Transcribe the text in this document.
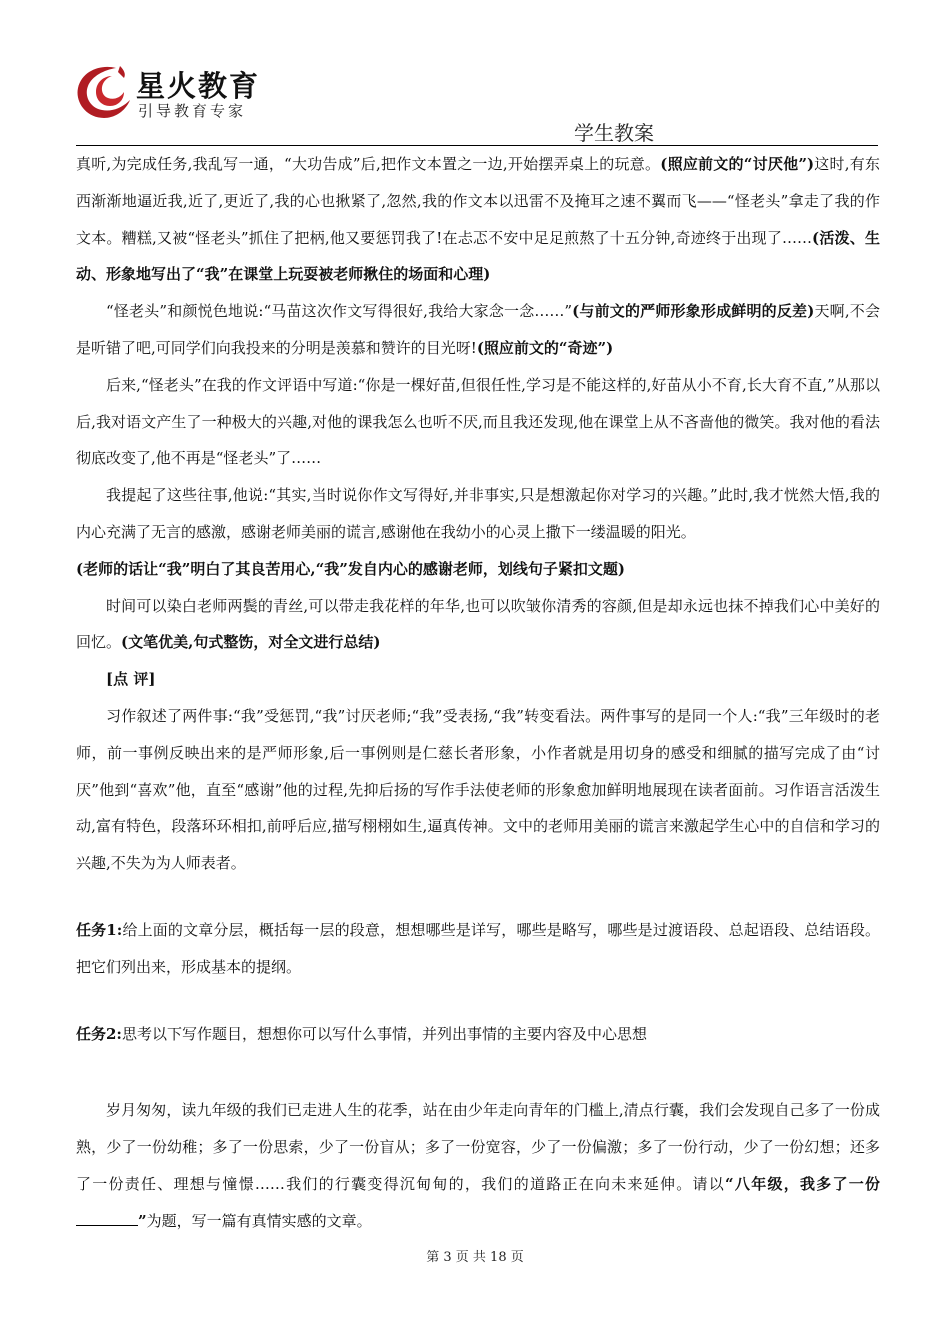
星火教育
引导教育专家
学生教案

真听,为完成任务,我乱写一通，“大功告成”后,把作文本置之一边,开始摆弄桌上的玩意。(照应前文的“讨厌他”)这时,有东西渐渐地逼近我,近了,更近了,我的心也揪紧了,忽然,我的作文本以迅雷不及掩耳之速不翼而飞——“怪老头”拿走了我的作文本。糟糕,又被“怪老头”抓住了把柄,他又要惩罚我了!在忐忑不安中足足煎熬了十五分钟,奇迹终于出现了……(活泼、生动、形象地写出了“我”在课堂上玩耍被老师揪住的场面和心理)

“怪老头”和颜悦色地说:“马苗这次作文写得很好,我给大家念一念……”(与前文的严师形象形成鲜明的反差)天啊,不会是听错了吧,可同学们向我投来的分明是羡慕和赞许的目光呀!(照应前文的“奇迹”)

后来,“怪老头”在我的作文评语中写道:“你是一棵好苗,但很任性,学习是不能这样的,好苗从小不育,长大育不直,”从那以后,我对语文产生了一种极大的兴趣,对他的课我怎么也听不厌,而且我还发现,他在课堂上从不吝啬他的微笑。我对他的看法彻底改变了,他不再是“怪老头”了……

我提起了这些往事,他说:“其实,当时说你作文写得好,并非事实,只是想激起你对学习的兴趣。”此时,我才恍然大悟,我的内心充满了无言的感激，感谢老师美丽的谎言,感谢他在我幼小的心灵上撒下一缕温暖的阳光。

(老师的话让“我”明白了其良苦用心,“我”发自内心的感谢老师，划线句子紧扣文题)

时间可以染白老师两鬓的青丝,可以带走我花样的年华,也可以吹皱你清秀的容颜,但是却永远也抹不掉我们心中美好的回忆。(文笔优美,句式整饬，对全文进行总结)

[点 评]

习作叙述了两件事:“我”受惩罚,“我”讨厌老师;“我”受表扬,“我”转变看法。两件事写的是同一个人:“我”三年级时的老师，前一事例反映出来的是严师形象,后一事例则是仁慈长者形象，小作者就是用切身的感受和细腻的描写完成了由“讨厌”他到“喜欢”他，直至“感谢”他的过程,先抑后扬的写作手法使老师的形象愈加鲜明地展现在读者面前。习作语言活泼生动,富有特色，段落环环相扣,前呼后应,描写栩栩如生,逼真传神。文中的老师用美丽的谎言来激起学生心中的自信和学习的兴趣,不失为为人师表者。

任务1:给上面的文章分层，概括每一层的段意，想想哪些是详写，哪些是略写，哪些是过渡语段、总起语段、总结语段。把它们列出来，形成基本的提纲。

任务2:思考以下写作题目，想想你可以写什么事情，并列出事情的主要内容及中心思想

岁月匆匆，读九年级的我们已走进人生的花季，站在由少年走向青年的门槛上,清点行囊，我们会发现自己多了一份成熟，少了一份幼稚；多了一份思索，少了一份盲从；多了一份宽容，少了一份偏激；多了一份行动，少了一份幻想；还多了一份责任、理想与憧憬……我们的行囊变得沉甸甸的，我们的道路正在向未来延伸。请以“八年级，我多了一份”为题，写一篇有真情实感的文章。

第 3 页 共 18 页
